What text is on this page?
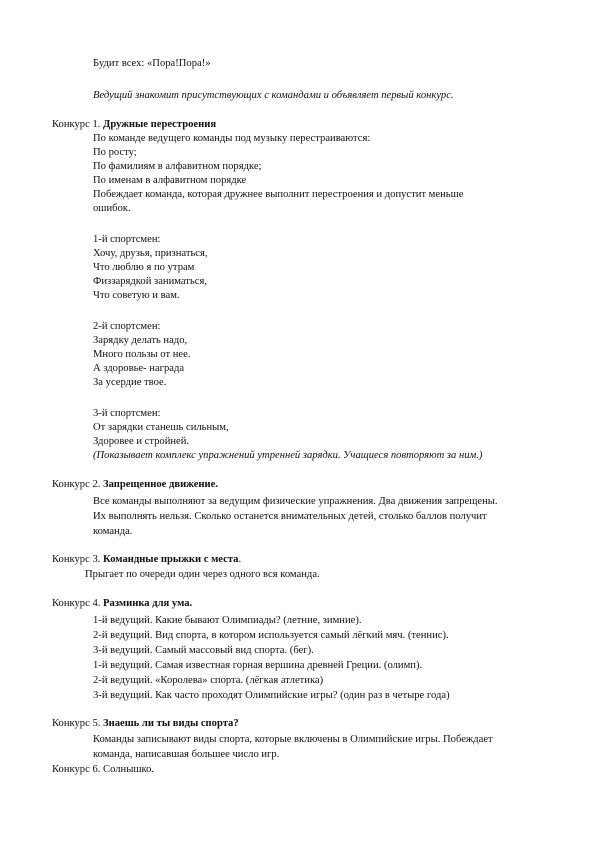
Будит всех: «Пора!Пора!»
Ведущий знакомит присутствующих с командами и объявляет первый конкурс.
Конкурс 1. Дружные перестроения
По команде ведущего команды под музыку перестраиваются:
По росту;
По фамилиям в алфавитном порядке;
По именам в алфавитном порядке
Побеждает команда, которая дружнее выполнит перестроения и допустит меньше
ошибок.
1-й спортсмен:
Хочу, друзья, признаться,
Что люблю я по утрам
Физзарядкой заниматься,
Что советую и вам.
2-й спортсмен:
Зарядку делать надо,
Много пользы от нее.
А здоровье- награда
За усердие твое.
3-й спортсмен:
От зарядки станешь сильным,
Здоровее и стройней.
(Показывает комплекс упражнений утренней зарядки. Учащиеся повторяют за ним.)
Конкурс 2. Запрещенное движение.
Все команды выполняют за ведущим физические упражнения. Два движения запрещены.
Их выполнять нельзя. Сколько останется внимательных детей, столько баллов получит
команда.
Конкурс 3. Командные прыжки с места.
Прыгает по очереди один через одного вся команда.
Конкурс 4. Разминка для ума.
1-й ведущий. Какие бывают Олимпиады? (летние, зимние).
2-й ведущий. Вид спорта, в котором используется самый лёгкий мяч. (теннис).
3-й ведущий. Самый массовый вид спорта. (бег).
1-й ведущий. Самая известная горная вершина древней Греции. (олимп).
2-й ведущий. «Королева» спорта. (лёгкая атлетика)
3-й ведущий. Как часто проходят Олимпийские игры? (один раз в четыре года)
Конкурс 5. Знаешь ли ты виды спорта?
Команды записывают виды спорта, которые включены в Олимпийские игры. Побеждает
команда, написавшая большее число игр.
Конкурс 6. Солнышко.
